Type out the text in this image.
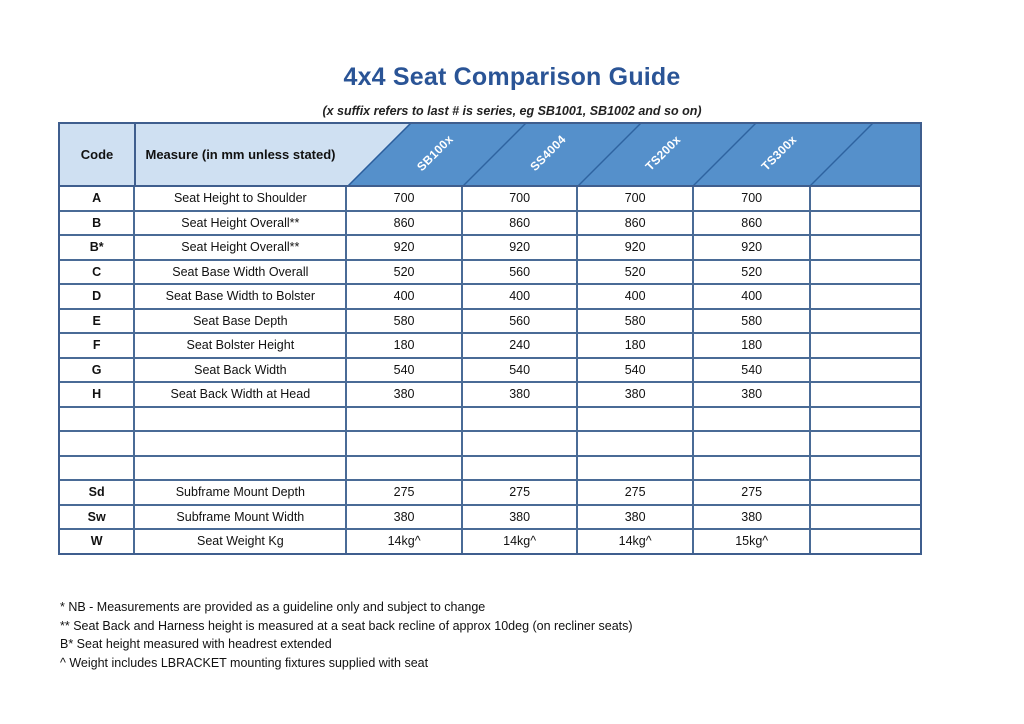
4x4 Seat Comparison Guide
(x suffix refers to last # is series, eg SB1001, SB1002 and so on)
Code	Measure (in mm unless stated)	SB100x	SS4004	TS200x	TS300x
A	Seat Height to Shoulder	700	700	700	700	
B	Seat Height Overall**	860	860	860	860	
B*	Seat Height Overall**	920	920	920	920	
C	Seat Base Width Overall	520	560	520	520	
D	Seat Base Width to Bolster	400	400	400	400	
E	Seat Base Depth	580	560	580	580	
F	Seat Bolster Height	180	240	180	180	
G	Seat Back Width	540	540	540	540	
H	Seat Back Width at Head	380	380	380	380	

Sd	Subframe Mount Depth	275	275	275	275	
Sw	Subframe Mount Width	380	380	380	380	
W	Seat Weight Kg	14kg^	14kg^	14kg^	15kg^	
* NB - Measurements are provided as a guideline only and subject to change
** Seat Back and Harness height is measured at a seat back recline of approx 10deg (on recliner seats)
B* Seat height measured with headrest extended
^ Weight includes LBRACKET mounting fixtures supplied with seat
